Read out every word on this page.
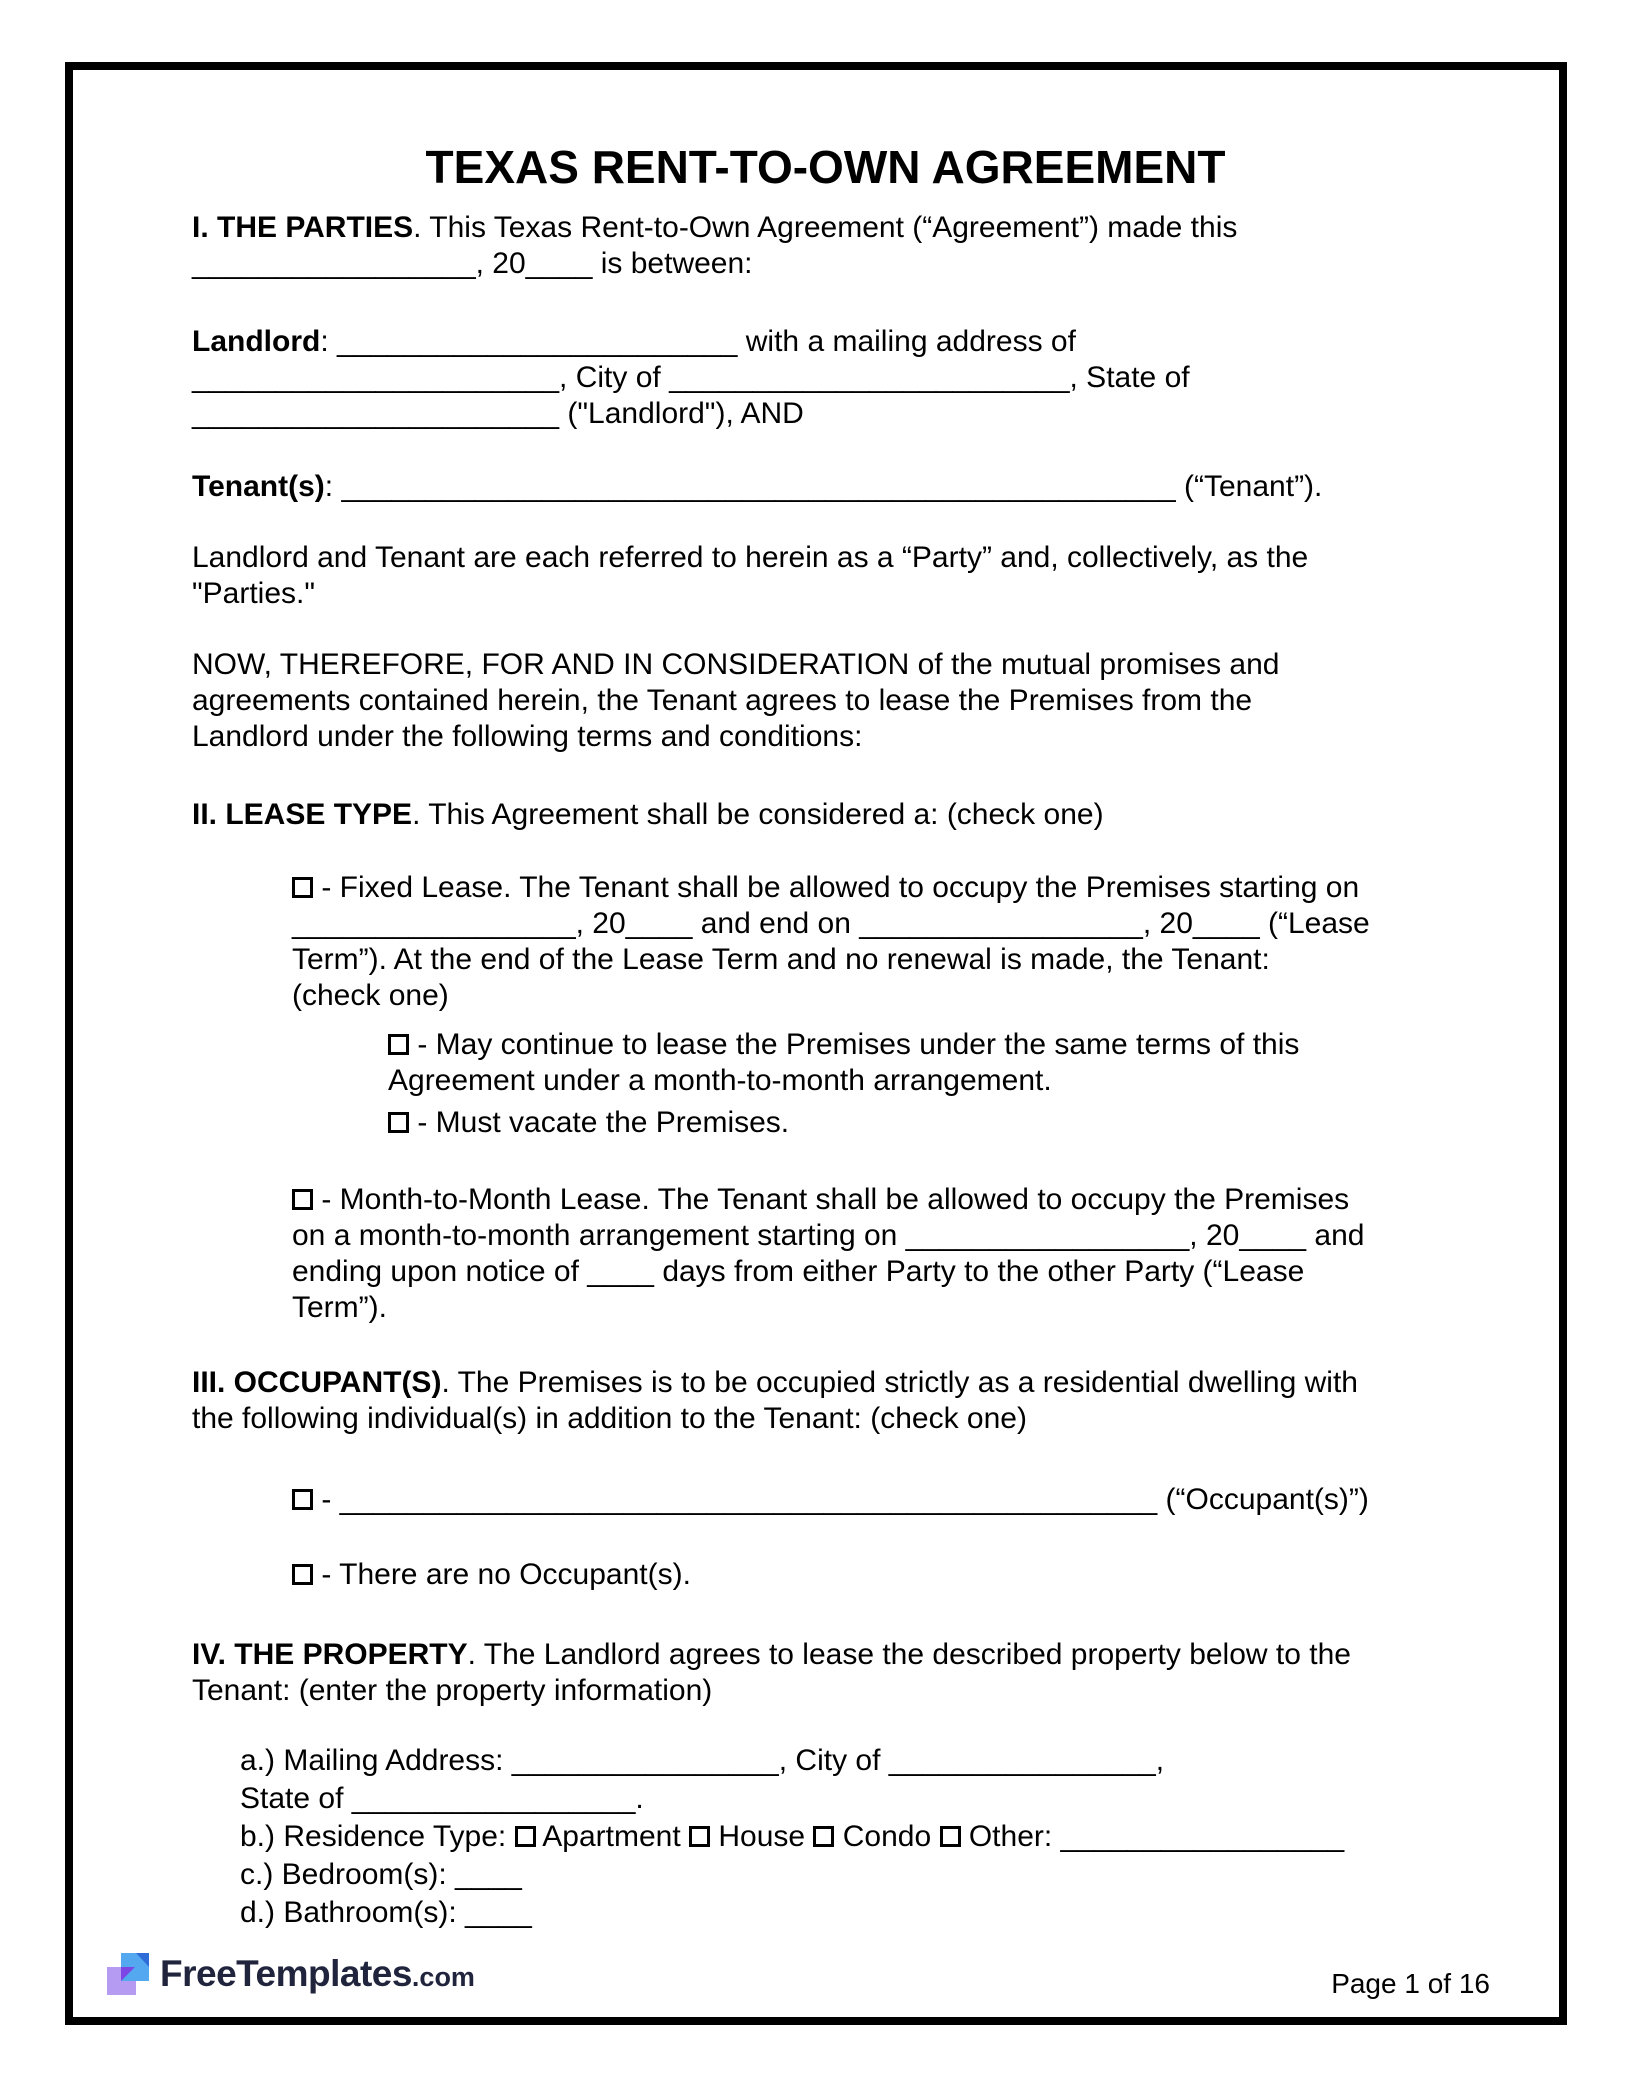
TEXAS RENT-TO-OWN AGREEMENT
I. THE PARTIES. This Texas Rent-to-Own Agreement (“Agreement”) made this
_________________, 20____ is between:
Landlord: ________________________ with a mailing address of
______________________, City of ________________________, State of
______________________ ("Landlord"), AND
Tenant(s): __________________________________________________ (“Tenant”).
Landlord and Tenant are each referred to herein as a “Party” and, collectively, as the
"Parties."
NOW, THEREFORE, FOR AND IN CONSIDERATION of the mutual promises and
agreements contained herein, the Tenant agrees to lease the Premises from the
Landlord under the following terms and conditions:
II. LEASE TYPE. This Agreement shall be considered a: (check one)
- Fixed Lease. The Tenant shall be allowed to occupy the Premises starting on
_________________, 20____ and end on _________________, 20____ (“Lease
Term”). At the end of the Lease Term and no renewal is made, the Tenant:
(check one)
- May continue to lease the Premises under the same terms of this
Agreement under a month-to-month arrangement.
- Must vacate the Premises.
- Month-to-Month Lease. The Tenant shall be allowed to occupy the Premises
on a month-to-month arrangement starting on _________________, 20____ and
ending upon notice of ____ days from either Party to the other Party (“Lease
Term”).
III. OCCUPANT(S). The Premises is to be occupied strictly as a residential dwelling with
the following individual(s) in addition to the Tenant: (check one)
- _________________________________________________ (“Occupant(s)”)
- There are no Occupant(s).
IV. THE PROPERTY. The Landlord agrees to lease the described property below to the
Tenant: (enter the property information)
a.) Mailing Address: ________________, City of ________________,
State of _________________.
b.) Residence Type:  Apartment  House  Condo  Other: _________________
c.) Bedroom(s): ____
d.) Bathroom(s): ____
FreeTemplates.com	Page 1 of 16
